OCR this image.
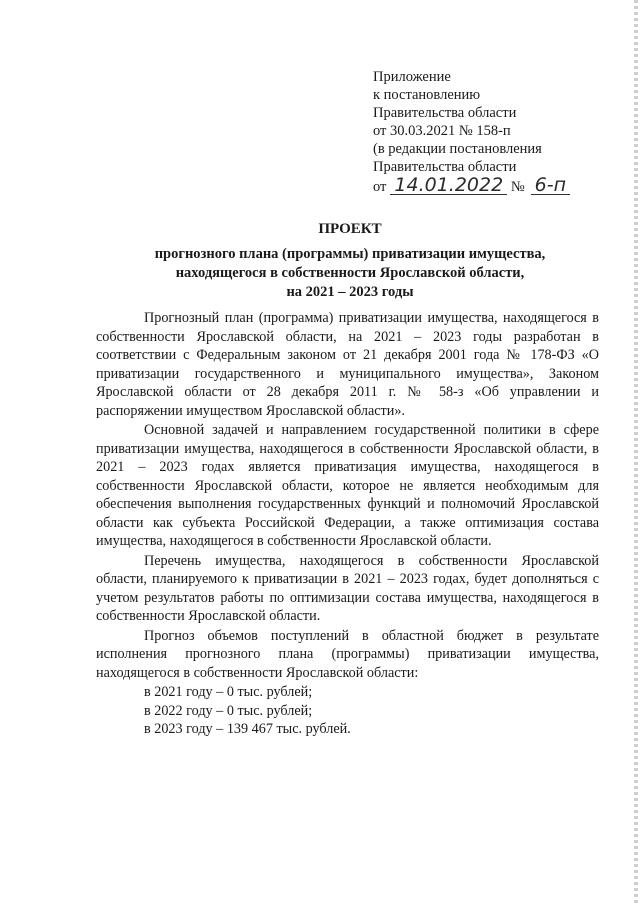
Приложение
к постановлению
Правительства области
от 30.03.2021 № 158-п
(в редакции постановления
Правительства области
от 14.01.2022 № 6-п
ПРОЕКТ
прогнозного плана (программы) приватизации имущества,
находящегося в собственности Ярославской области,
на 2021 – 2023 годы

Прогнозный план (программа) приватизации имущества, находящегося в собственности Ярославской области, на 2021 – 2023 годы разработан в соответствии с Федеральным законом от 21 декабря 2001 года № 178-ФЗ «О приватизации государственного и муниципального имущества», Законом Ярославской области от 28 декабря 2011 г. № 58-з «Об управлении и распоряжении имуществом Ярославской области».

Основной задачей и направлением государственной политики в сфере приватизации имущества, находящегося в собственности Ярославской области, в 2021 – 2023 годах является приватизация имущества, находящегося в собственности Ярославской области, которое не является необходимым для обеспечения выполнения государственных функций и полномочий Ярославской области как субъекта Российской Федерации, а также оптимизация состава имущества, находящегося в собственности Ярославской области.

Перечень имущества, находящегося в собственности Ярославской области, планируемого к приватизации в 2021 – 2023 годах, будет дополняться с учетом результатов работы по оптимизации состава имущества, находящегося в собственности Ярославской области.

Прогноз объемов поступлений в областной бюджет в результате исполнения прогнозного плана (программы) приватизации имущества, находящегося в собственности Ярославской области:

в 2021 году – 0 тыс. рублей;

в 2022 году – 0 тыс. рублей;

в 2023 году – 139 467 тыс. рублей.
